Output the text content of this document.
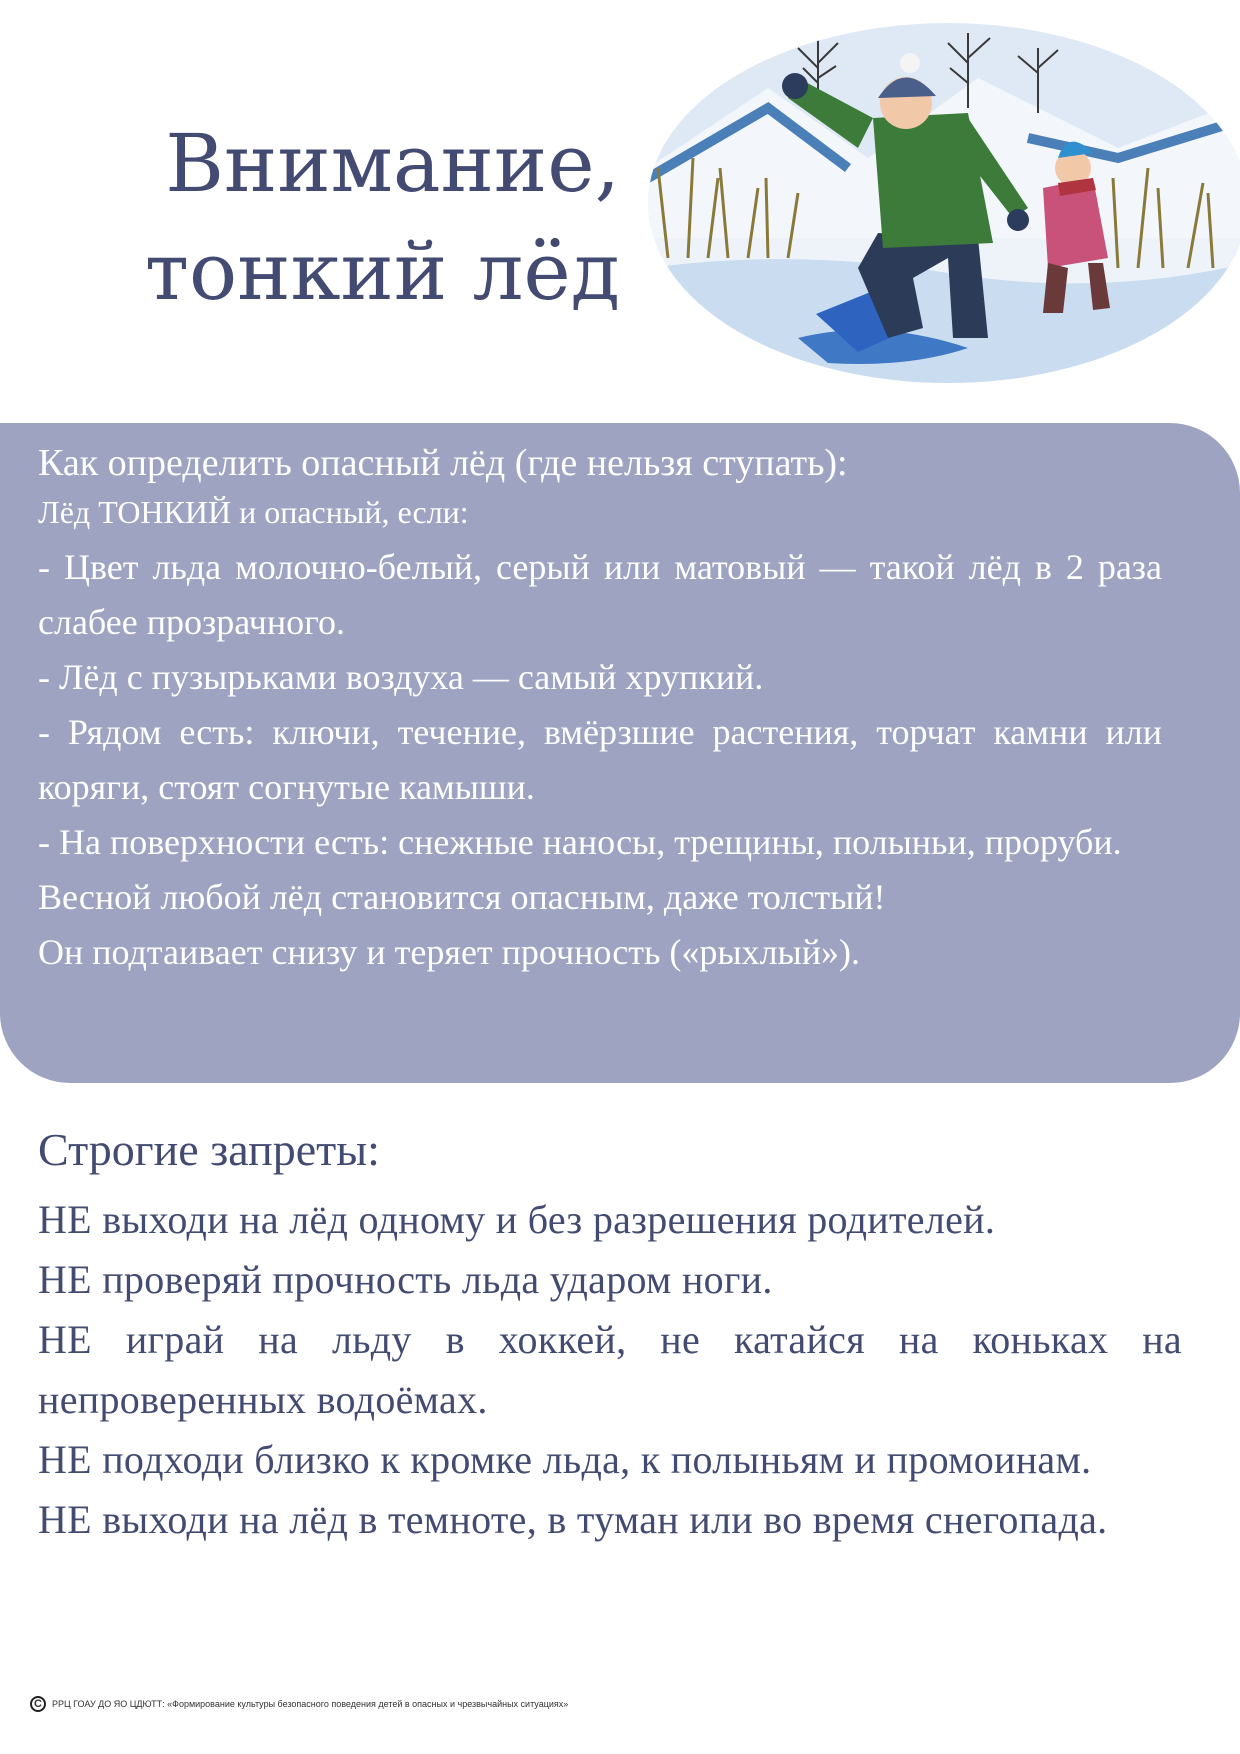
Внимание,
тонкий лёд
Как определить опасный лёд (где нельзя ступать):

Лёд ТОНКИЙ и опасный, если:

- Цвет льда молочно-белый, серый или матовый — такой лёд в 2 раза слабее прозрачного.

- Лёд с пузырьками воздуха — самый хрупкий.

- Рядом есть: ключи, течение, вмёрзшие растения, торчат камни или коряги, стоят согнутые камыши.

- На поверхности есть: снежные наносы, трещины, полыньи, проруби.

Весной любой лёд становится опасным, даже толстый!

Он подтаивает снизу и теряет прочность («рыхлый»).

Строгие запреты:

НЕ выходи на лёд одному и без разрешения родителей.

НЕ проверяй прочность льда ударом ноги.

НЕ играй на льду в хоккей, не катайся на коньках на непроверенных водоёмах.

НЕ подходи близко к кромке льда, к полыньям и промоинам.

НЕ выходи на лёд в темноте, в туман или во время снегопада.

C	РРЦ ГОАУ ДО ЯО ЦДЮТТ: «Формирование культуры безопасного поведения детей в опасных и чрезвычайных ситуациях»
